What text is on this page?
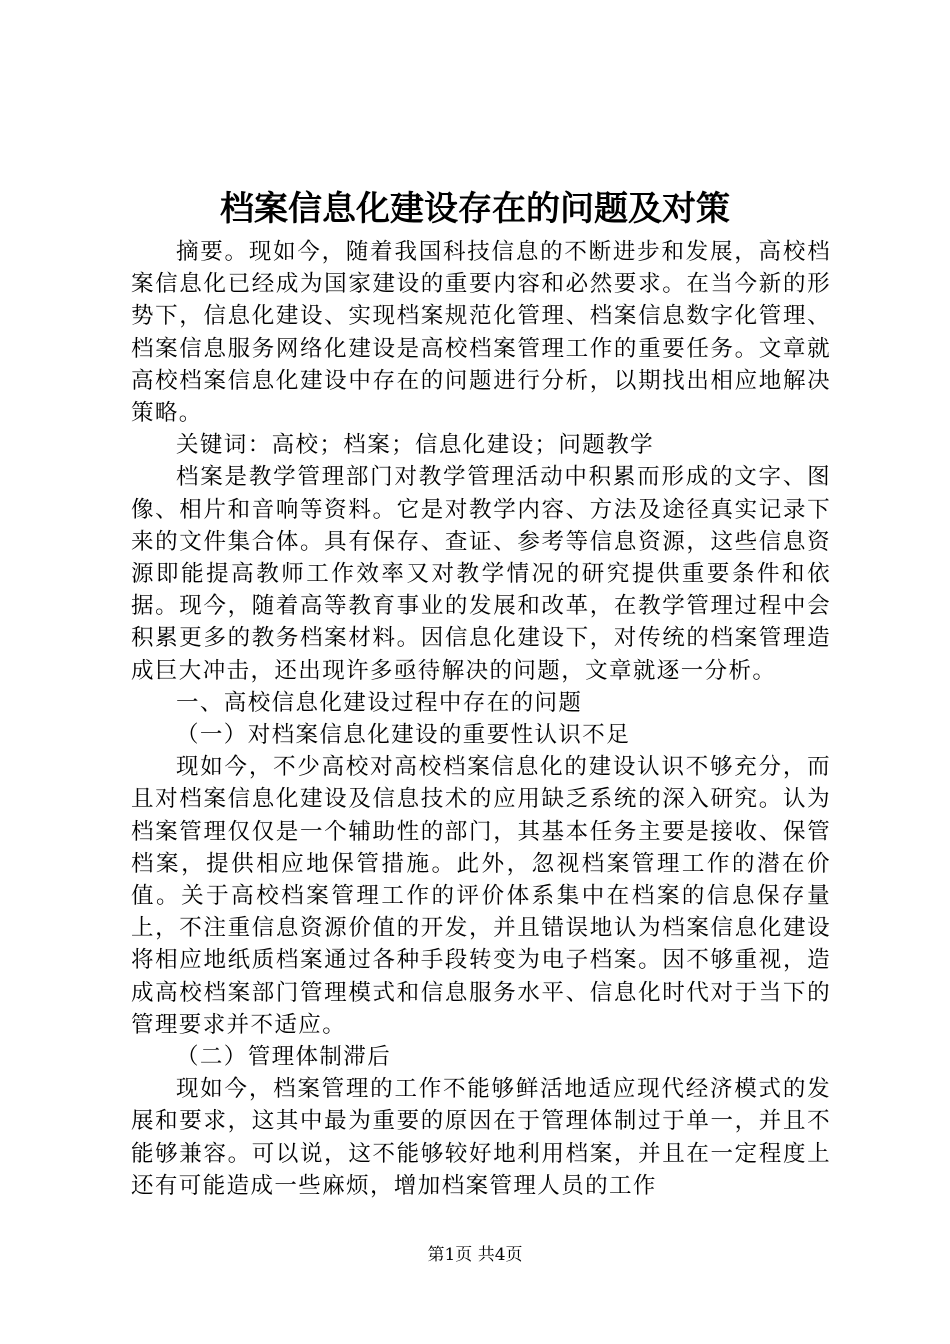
档案信息化建设存在的问题及对策

摘要。现如今，随着我国科技信息的不断进步和发展，高校档案信息化已经成为国家建设的重要内容和必然要求。在当今新的形势下，信息化建设、实现档案规范化管理、档案信息数字化管理、档案信息服务网络化建设是高校档案管理工作的重要任务。文章就高校档案信息化建设中存在的问题进行分析，以期找出相应地解决策略。

关键词：高校；档案；信息化建设；问题教学

档案是教学管理部门对教学管理活动中积累而形成的文字、图像、相片和音响等资料。它是对教学内容、方法及途径真实记录下来的文件集合体。具有保存、查证、参考等信息资源，这些信息资源即能提高教师工作效率又对教学情况的研究提供重要条件和依据。现今，随着高等教育事业的发展和改革，在教学管理过程中会积累更多的教务档案材料。因信息化建设下，对传统的档案管理造成巨大冲击，还出现许多亟待解决的问题，文章就逐一分析。

一、高校信息化建设过程中存在的问题

（一）对档案信息化建设的重要性认识不足

现如今，不少高校对高校档案信息化的建设认识不够充分，而且对档案信息化建设及信息技术的应用缺乏系统的深入研究。认为档案管理仅仅是一个辅助性的部门，其基本任务主要是接收、保管档案，提供相应地保管措施。此外，忽视档案管理工作的潜在价值。关于高校档案管理工作的评价体系集中在档案的信息保存量上，不注重信息资源价值的开发，并且错误地认为档案信息化建设将相应地纸质档案通过各种手段转变为电子档案。因不够重视，造成高校档案部门管理模式和信息服务水平、信息化时代对于当下的管理要求并不适应。

（二）管理体制滞后

现如今，档案管理的工作不能够鲜活地适应现代经济模式的发展和要求，这其中最为重要的原因在于管理体制过于单一，并且不能够兼容。可以说，这不能够较好地利用档案，并且在一定程度上还有可能造成一些麻烦，增加档案管理人员的工作

第1页 共4页
